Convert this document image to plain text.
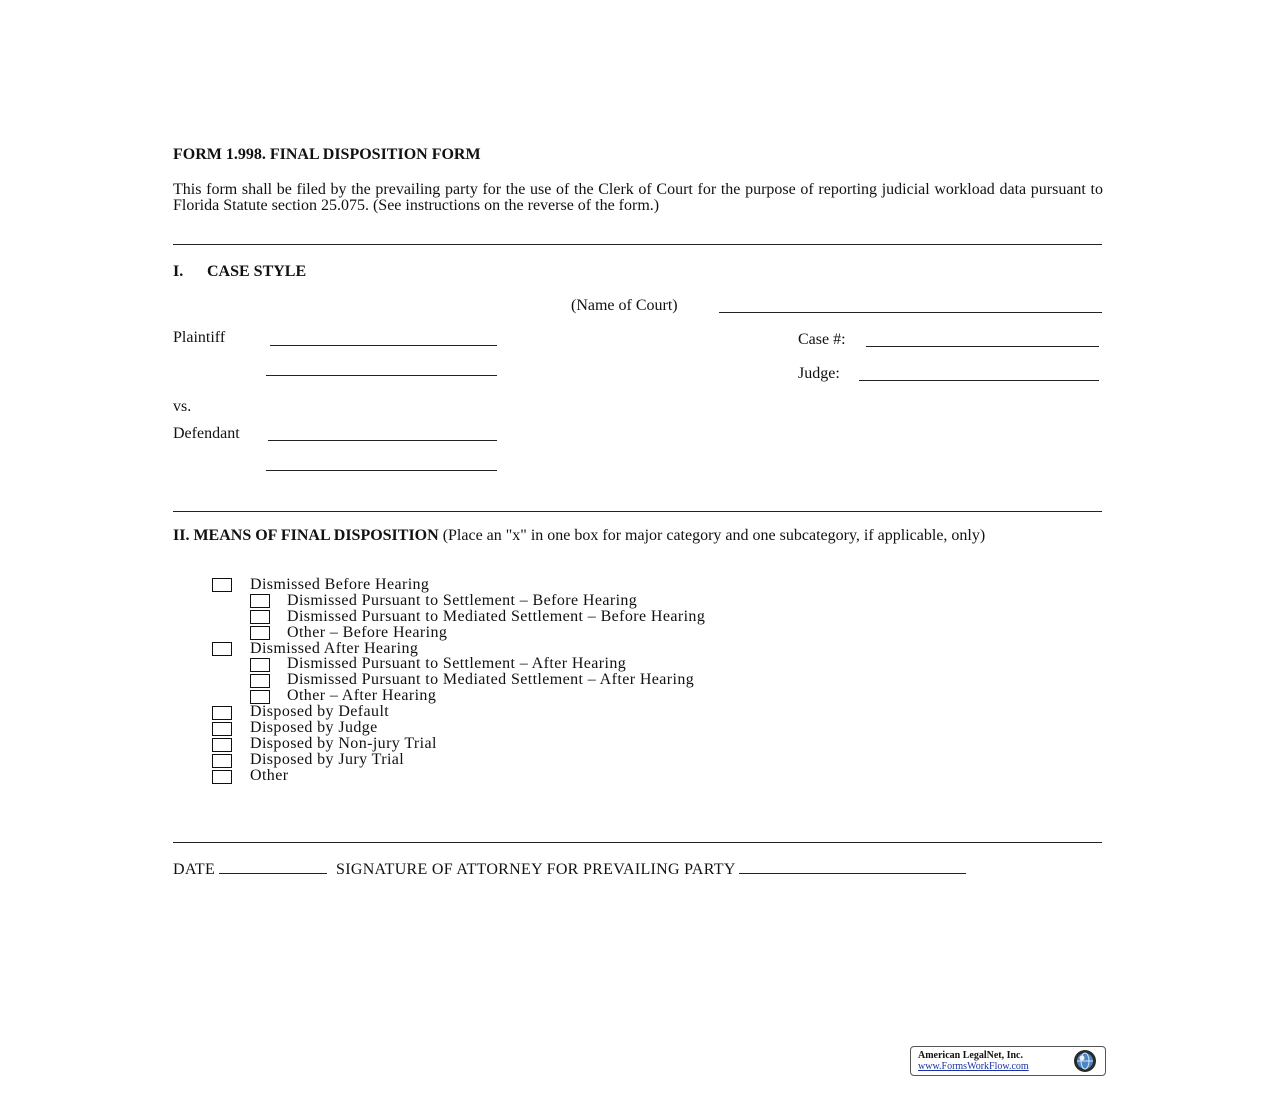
FORM 1.998. FINAL DISPOSITION FORM
This form shall be filed by the prevailing party for the use of the Clerk of Court for the purpose of reporting judicial workload data pursuant to Florida Statute section 25.075. (See instructions on the reverse of the form.)
I. CASE STYLE
(Name of Court)
Plaintiff	Case #:
Judge:
vs.
Defendant
II. MEANS OF FINAL DISPOSITION (Place an "x" in one box for major category and one subcategory, if applicable, only)
Dismissed Before Hearing
Dismissed Pursuant to Settlement – Before Hearing
Dismissed Pursuant to Mediated Settlement – Before Hearing
Other – Before Hearing
Dismissed After Hearing
Dismissed Pursuant to Settlement – After Hearing
Dismissed Pursuant to Mediated Settlement – After Hearing
Other – After Hearing
Disposed by Default
Disposed by Judge
Disposed by Non-jury Trial
Disposed by Jury Trial
Other
DATE	SIGNATURE OF ATTORNEY FOR PREVAILING PARTY
American LegalNet, Inc.
www.FormsWorkFlow.com
